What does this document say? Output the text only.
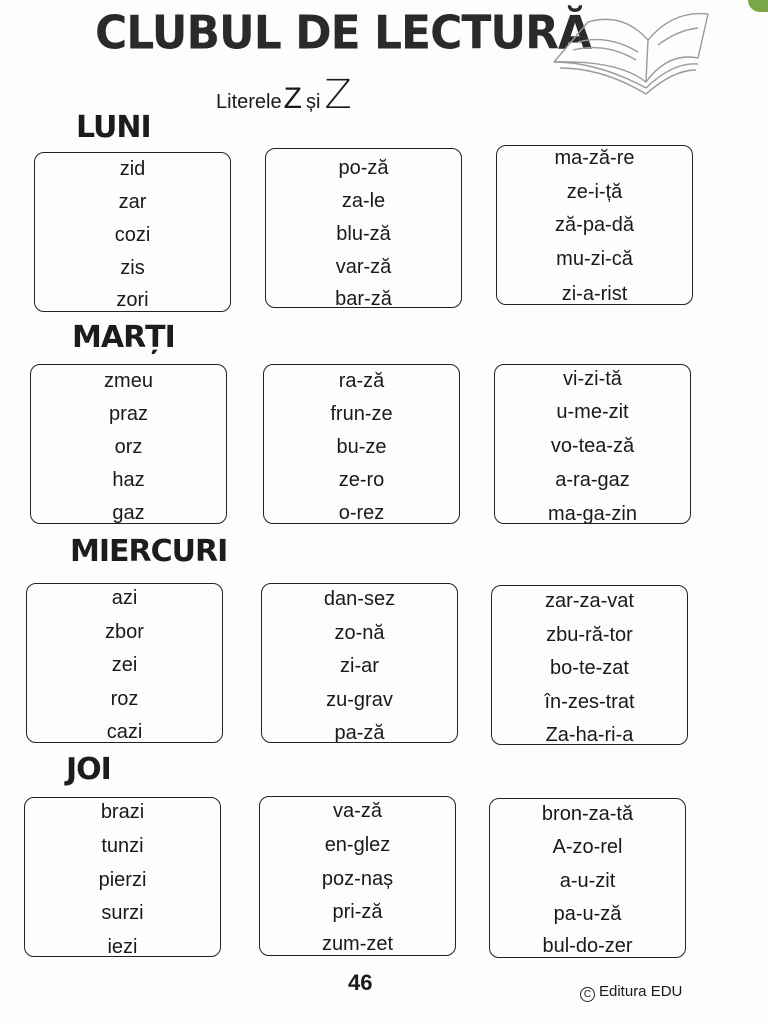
CLUBUL DE LECTURĂ
LitereleZ și Z
LUNI
zid
zar
cozi
zis
zori
po-ză
za-le
blu-ză
var-ză
bar-ză
ma-ză-re
ze-i-ță
ză-pa-dă
mu-zi-că
zi-a-rist
MARȚI
zmeu
praz
orz
haz
gaz
ra-ză
frun-ze
bu-ze
ze-ro
o-rez
vi-zi-tă
u-me-zit
vo-tea-ză
a-ra-gaz
ma-ga-zin
MIERCURI
azi
zbor
zei
roz
cazi
dan-sez
zo-nă
zi-ar
zu-grav
pa-ză
zar-za-vat
zbu-ră-tor
bo-te-zat
în-zes-trat
Za-ha-ri-a
JOI
brazi
tunzi
pierzi
surzi
iezi
va-ză
en-glez
poz-naș
pri-ză
zum-zet
bron-za-tă
A-zo-rel
a-u-zit
pa-u-ză
bul-do-zer
46	C Editura EDU
